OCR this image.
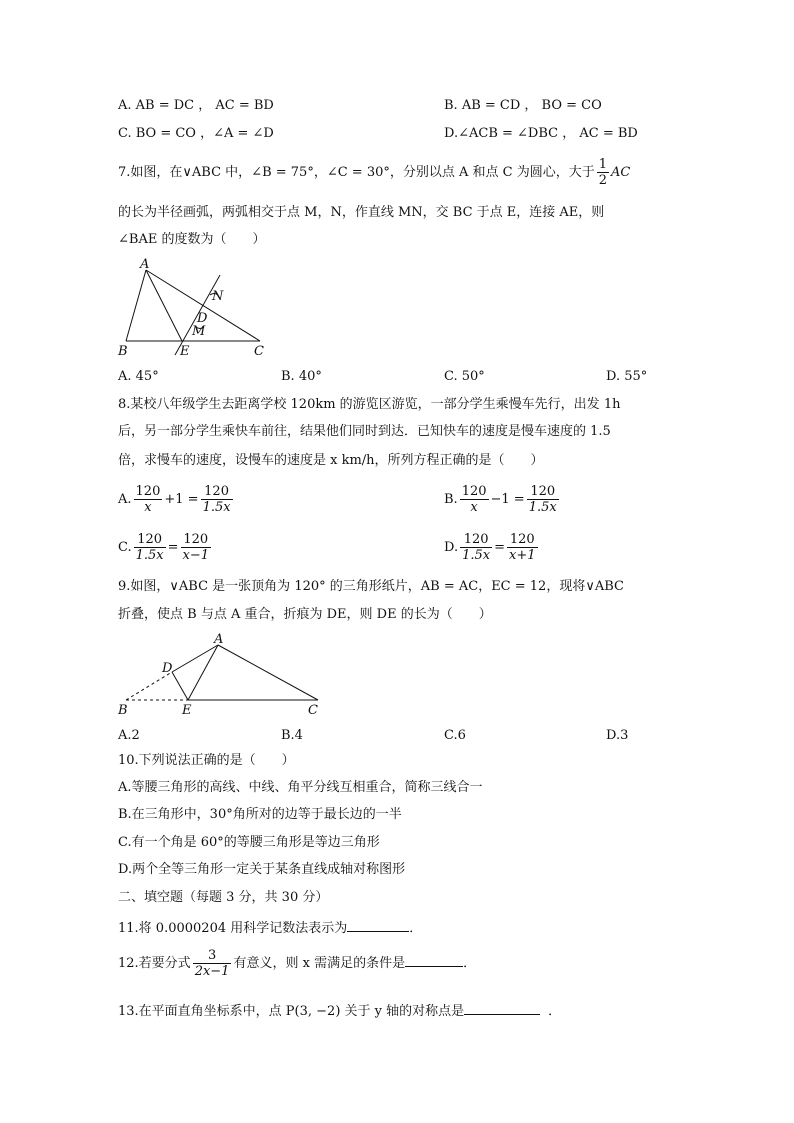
A. AB = DC ， AC = BD	B. AB = CD ， BO = CO
C. BO = CO ，∠A = ∠D	D.∠ACB = ∠DBC ， AC = BD
7.如图，在∨ABC 中，∠B = 75°，∠C = 30°，分别以点 A 和点 C 为圆心，大于 $\frac{1}{2}$ AC
的长为半径画弧，两弧相交于点 M，N，作直线 MN，交 BC 于点 E，连接 AE，则
∠BAE 的度数为（　　）
A
B	C
E
D
M
N
A. 45°	B. 40°	C. 50°	D. 55°
8.某校八年级学生去距离学校 120km 的游览区游览，一部分学生乘慢车先行，出发 1h
后，另一部分学生乘快车前往，结果他们同时到达．已知快车的速度是慢车速度的 1.5
倍，求慢车的速度，设慢车的速度是 x km/h，所列方程正确的是（　　）
A. $\frac{120}{x} +1 = \frac{120}{1.5x}$	B. $\frac{120}{x} -1 = \frac{120}{1.5x}$
C. $\frac{120}{1.5x} = \frac{120}{x-1}$	D. $\frac{120}{1.5x} = \frac{120}{x+1}$
9.如图，∨ABC 是一张顶角为 120° 的三角形纸片，AB = AC，EC = 12，现将∨ABC
折叠，使点 B 与点 A 重合，折痕为 DE，则 DE 的长为（　　）
A
B	C
E
D
A.2	B.4	C.6	D.3
10.下列说法正确的是（　　）
A.等腰三角形的高线、中线、角平分线互相重合，简称三线合一
B.在三角形中，30°角所对的边等于最长边的一半
C.有一个角是 60°的等腰三角形是等边三角形
D.两个全等三角形一定关于某条直线成轴对称图形
二、填空题（每题 3 分，共 30 分）
11.将 0.0000204 用科学记数法表示为	．
12.若要分式 $\frac{3}{2x-1}$ 有意义，则 x 需满足的条件是	．
13.在平面直角坐标系中，点 P(3, −2) 关于 y 轴的对称点是	．
